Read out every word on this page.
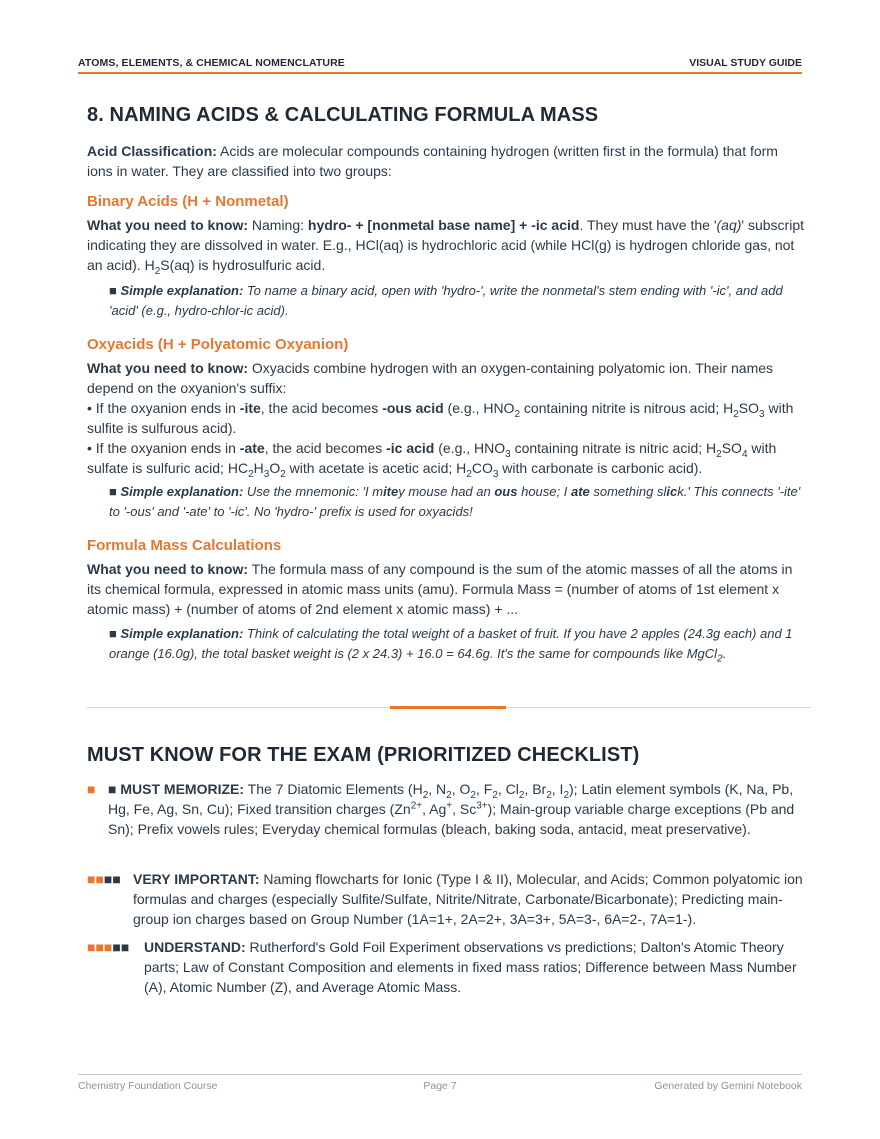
ATOMS, ELEMENTS, & CHEMICAL NOMENCLATURE	VISUAL STUDY GUIDE
8. NAMING ACIDS & CALCULATING FORMULA MASS

Acid Classification: Acids are molecular compounds containing hydrogen (written first in the formula) that form ions in water. They are classified into two groups:

Binary Acids (H + Nonmetal)

What you need to know: Naming: hydro- + [nonmetal base name] + -ic acid. They must have the '(aq)' subscript indicating they are dissolved in water. E.g., HCl(aq) is hydrochloric acid (while HCl(g) is hydrogen chloride gas, not an acid). $H_2S(aq)$ is hydrosulfuric acid.

■ Simple explanation: To name a binary acid, open with 'hydro-', write the nonmetal's stem ending with '-ic', and add 'acid' (e.g., hydro-chlor-ic acid).

Oxyacids (H + Polyatomic Oxyanion)

What you need to know: Oxyacids combine hydrogen with an oxygen-containing polyatomic ion. Their names depend on the oxyanion's suffix:
• If the oxyanion ends in -ite, the acid becomes -ous acid (e.g., $HNO_2$ containing nitrite is nitrous acid; $H_2SO_3$ with sulfite is sulfurous acid).
• If the oxyanion ends in -ate, the acid becomes -ic acid (e.g., $HNO_3$ containing nitrate is nitric acid; $H_2SO_4$ with sulfate is sulfuric acid; $HC_2H_3O_2$ with acetate is acetic acid; $H_2CO_3$ with carbonate is carbonic acid).

■ Simple explanation: Use the mnemonic: 'I mitey mouse had an ous house; I ate something slick.' This connects '-ite' to '-ous' and '-ate' to '-ic'. No 'hydro-' prefix is used for oxyacids!

Formula Mass Calculations

What you need to know: The formula mass of any compound is the sum of the atomic masses of all the atoms in its chemical formula, expressed in atomic mass units (amu). Formula Mass = (number of atoms of 1st element x atomic mass) + (number of atoms of 2nd element x atomic mass) + ...

■ Simple explanation: Think of calculating the total weight of a basket of fruit. If you have 2 apples (24.3g each) and 1 orange (16.0g), the total basket weight is (2 x 24.3) + 16.0 = 64.6g. It's the same for compounds like MgCl$_2$.

MUST KNOW FOR THE EXAM (PRIORITIZED CHECKLIST)
■ ■ MUST MEMORIZE: The 7 Diatomic Elements ($H_2$, $N_2$, $O_2$, $F_2$, $Cl_2$, $Br_2$, $I_2$); Latin element symbols (K, Na, Pb, Hg, Fe, Ag, Sn, Cu); Fixed transition charges ($Zn^{2+}$, Ag+, $Sc^{3+}$); Main-group variable charge exceptions (Pb and Sn); Prefix vowels rules; Everyday chemical formulas (bleach, baking soda, antacid, meat preservative).

■■■■ VERY IMPORTANT: Naming flowcharts for Ionic (Type I & II), Molecular, and Acids; Common polyatomic ion formulas and charges (especially Sulfite/Sulfate, Nitrite/Nitrate, Carbonate/Bicarbonate); Predicting main-group ion charges based on Group Number (1A=1+, 2A=2+, 3A=3+, 5A=3-, 6A=2-, 7A=1-).

■■■■■ UNDERSTAND: Rutherford's Gold Foil Experiment observations vs predictions; Dalton's Atomic Theory parts; Law of Constant Composition and elements in fixed mass ratios; Difference between Mass Number (A), Atomic Number (Z), and Average Atomic Mass.

Chemistry Foundation Course	Page 7	Generated by Gemini Notebook
